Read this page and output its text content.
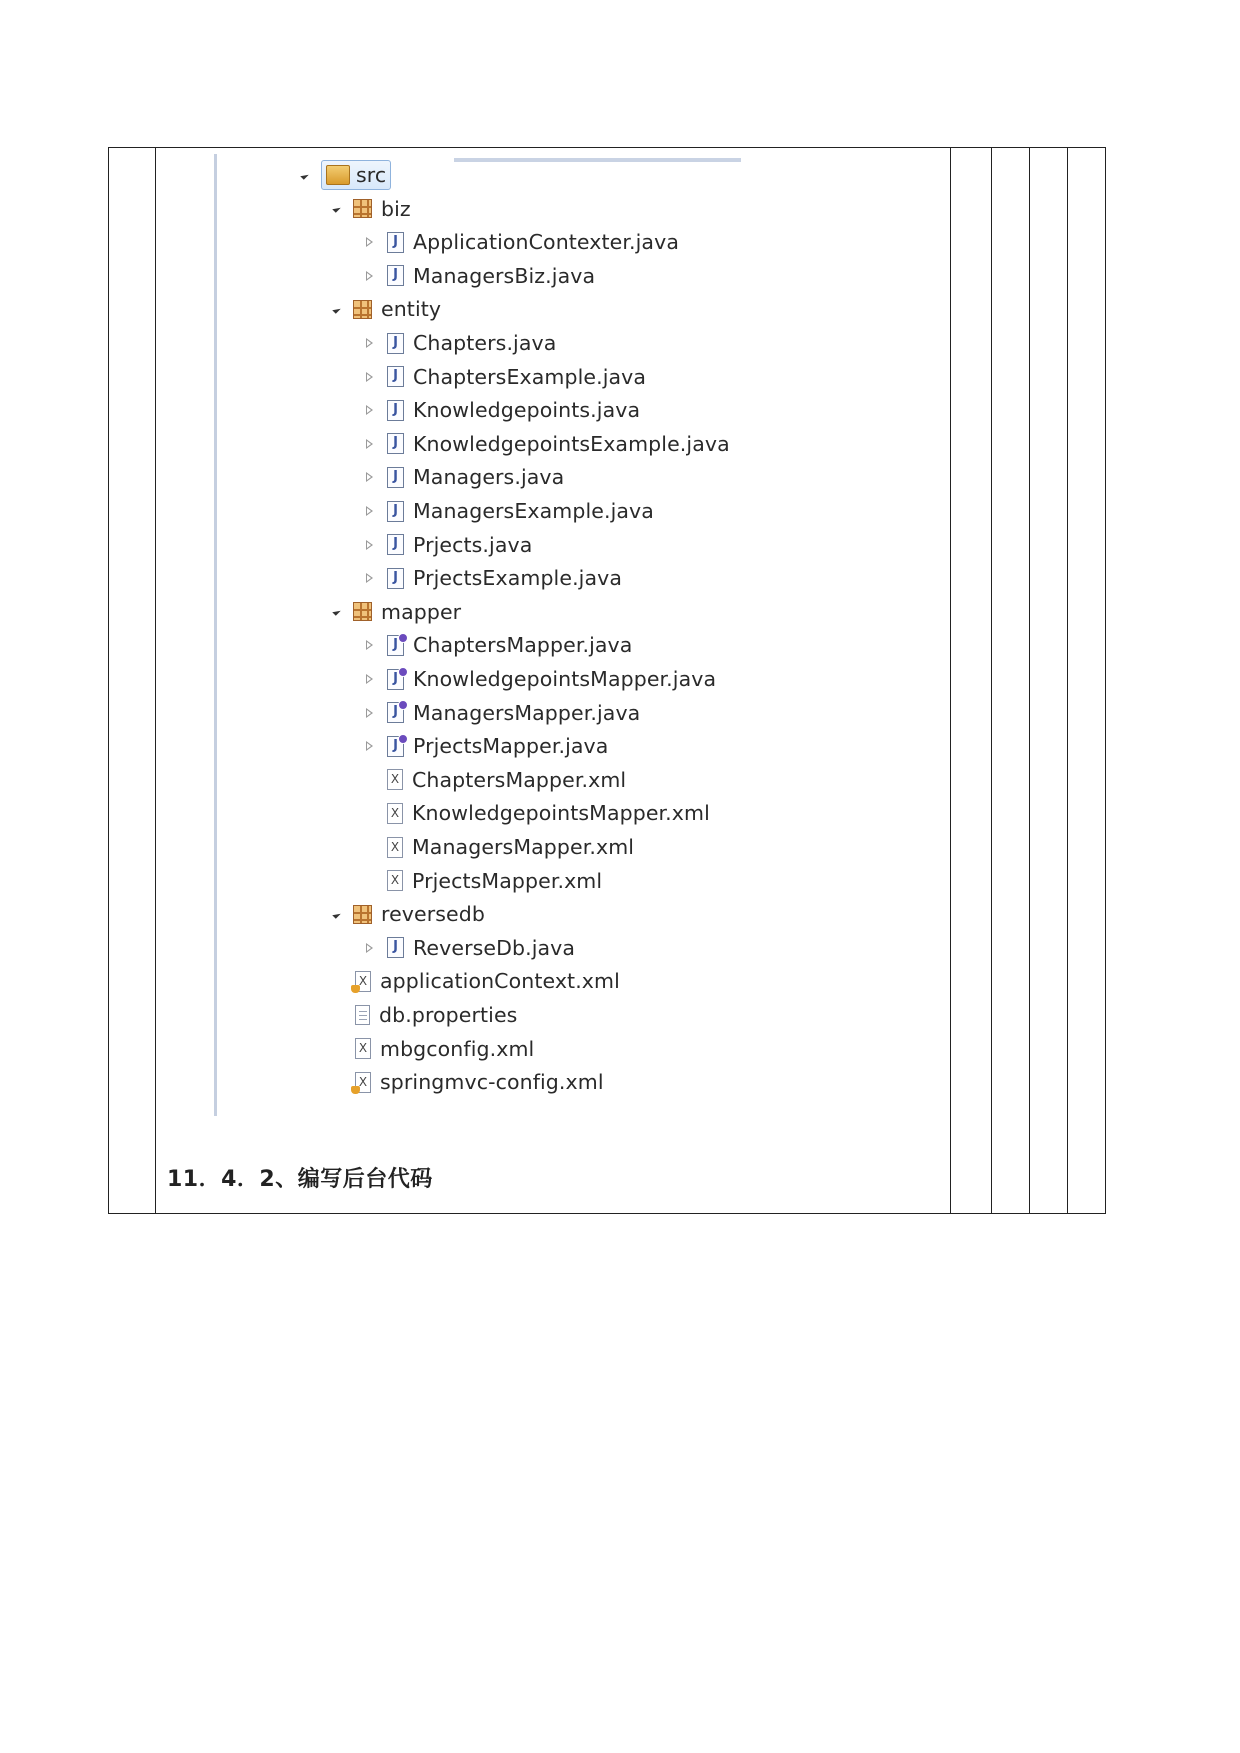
src
biz
J
ApplicationContexter.java
J
ManagersBiz.java
entity
J
Chapters.java
J
ChaptersExample.java
J
Knowledgepoints.java
J
KnowledgepointsExample.java
J
Managers.java
J
ManagersExample.java
J
Prjects.java
J
PrjectsExample.java
mapper
J
ChaptersMapper.java
J
KnowledgepointsMapper.java
J
ManagersMapper.java
J
PrjectsMapper.java
X
ChaptersMapper.xml
X
KnowledgepointsMapper.xml
X
ManagersMapper.xml
X
PrjectsMapper.xml
reversedb
J
ReverseDb.java
X
applicationContext.xml
db.properties
X
mbgconfig.xml
X
springmvc-config.xml
11．4．2、编写后台代码
